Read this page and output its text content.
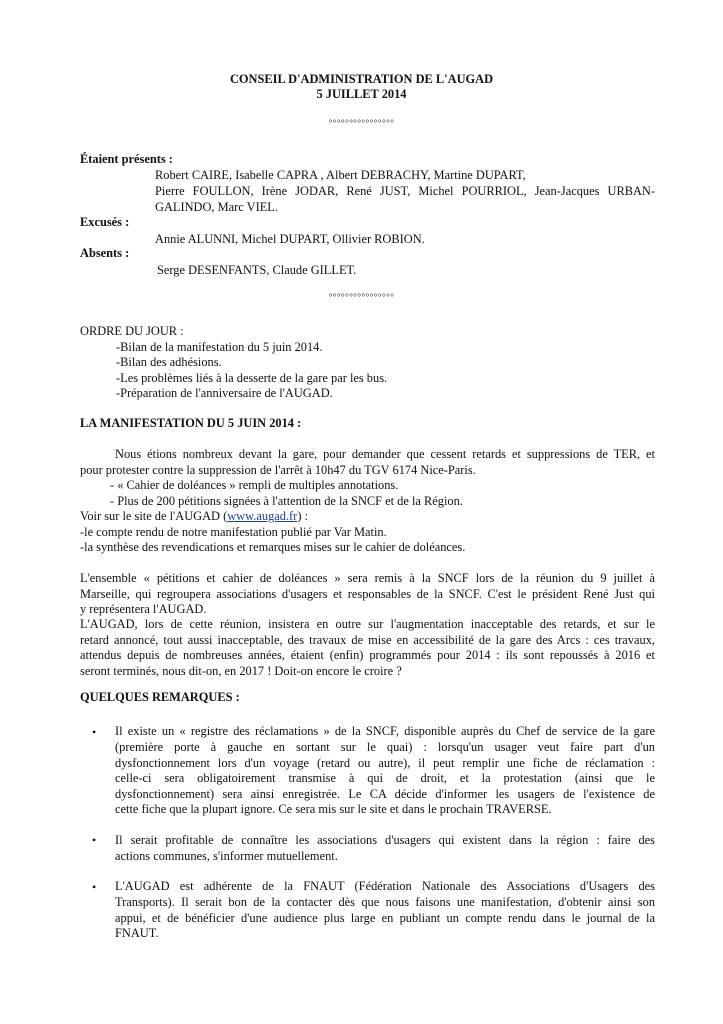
CONSEIL D'ADMINISTRATION DE L'AUGAD
5 JUILLET 2014
°°°°°°°°°°°°°°°°
Étaient présents :
Robert CAIRE, Isabelle CAPRA , Albert DEBRACHY, Martine DUPART,
Pierre FOULLON, Irène JODAR, René JUST, Michel POURRIOL, Jean-Jacques URBAN-
GALINDO, Marc VIEL.
Excusés :
Annie ALUNNI, Michel DUPART, Ollivier ROBION.
Absents :
Serge DESENFANTS, Claude GILLET.
°°°°°°°°°°°°°°°°
ORDRE DU JOUR :
-Bilan de la manifestation du 5 juin 2014.
-Bilan des adhésions.
-Les problèmes liés à la desserte de la gare par les bus.
-Préparation de l'anniversaire de l'AUGAD.
LA MANIFESTATION DU 5 JUIN 2014 :
Nous étions nombreux devant la gare, pour demander que cessent retards et suppressions de TER, et
pour protester contre la suppression de l'arrêt à 10h47 du TGV 6174 Nice-Paris.
- « Cahier de doléances » rempli de multiples annotations.
- Plus de 200 pétitions signées à l'attention de la SNCF et de la Région.
Voir sur le site de l'AUGAD (www.augad.fr) :
-le compte rendu de notre manifestation publié par Var Matin.
-la synthèse des revendications et remarques mises sur le cahier de doléances.
L'ensemble « pétitions et cahier de doléances » sera remis à la SNCF lors de la réunion du 9 juillet à
Marseille, qui regroupera associations d'usagers et responsables de la SNCF. C'est le président René Just qui
y représentera l'AUGAD.
L'AUGAD, lors de cette réunion, insistera en outre sur l'augmentation inacceptable des retards, et sur le
retard annoncé, tout aussi inacceptable, des travaux de mise en accessibilité de la gare des Arcs : ces travaux,
attendus depuis de nombreuses années, étaient (enfin) programmés pour 2014 : ils sont repoussés à 2016 et
seront terminés, nous dit-on, en 2017 ! Doit-on encore le croire ?
QUELQUES REMARQUES :
• Il existe un « registre des réclamations » de la SNCF, disponible auprès du Chef de service de la gare
(première porte à gauche en sortant sur le quai) : lorsqu'un usager veut faire part d'un
dysfonctionnement lors d'un voyage (retard ou autre), il peut remplir une fiche de réclamation :
celle-ci sera obligatoirement transmise à qui de droit, et la protestation (ainsi que le
dysfonctionnement) sera ainsi enregistrée. Le CA décide d'informer les usagers de l'existence de
cette fiche que la plupart ignore. Ce sera mis sur le site et dans le prochain TRAVERSE.
• Il serait profitable de connaître les associations d'usagers qui existent dans la région : faire des
actions communes, s'informer mutuellement.
• L'AUGAD est adhérente de la FNAUT (Fédération Nationale des Associations d'Usagers des
Transports). Il serait bon de la contacter dès que nous faisons une manifestation, d'obtenir ainsi son
appui, et de bénéficier d'une audience plus large en publiant un compte rendu dans le journal de la
FNAUT.
